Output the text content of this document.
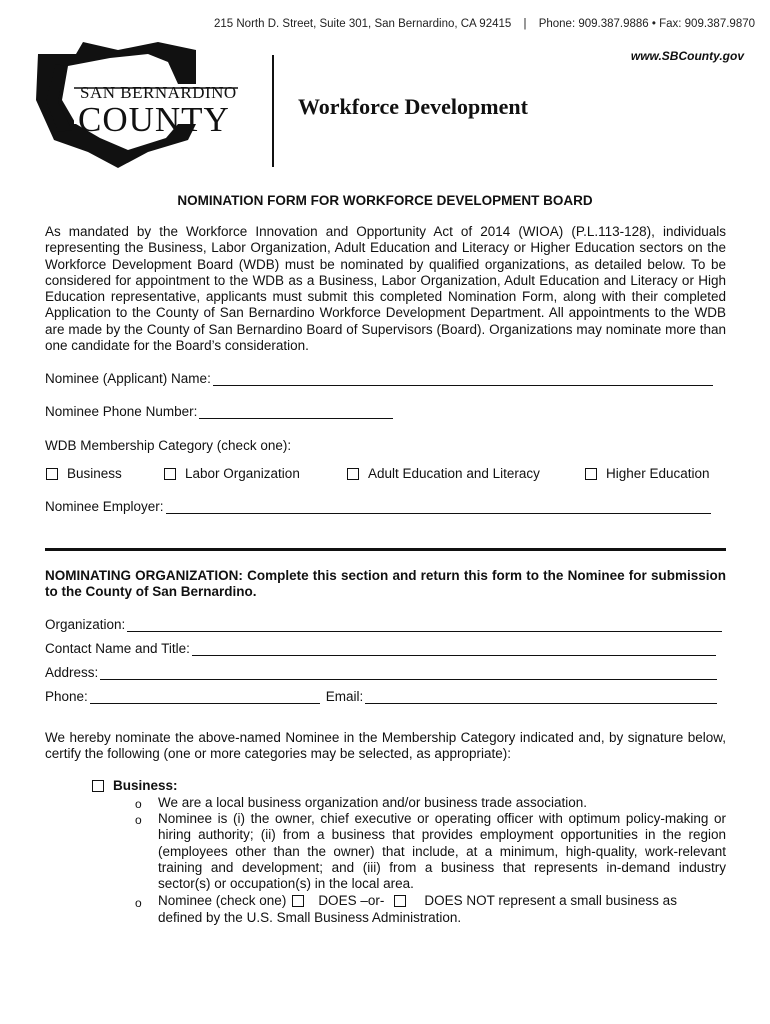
215 North D. Street, Suite 301, San Bernardino, CA 92415 | Phone: 909.387.9886 • Fax: 909.387.9870
www.SBCounty.gov
SAN BERNARDINO
COUNTY	Workforce Development
NOMINATION FORM FOR WORKFORCE DEVELOPMENT BOARD
As mandated by the Workforce Innovation and Opportunity Act of 2014 (WIOA) (P.L.113-128), individuals representing the Business, Labor Organization, Adult Education and Literacy or Higher Education sectors on the Workforce Development Board (WDB) must be nominated by qualified organizations, as detailed below. To be considered for appointment to the WDB as a Business, Labor Organization, Adult Education and Literacy or High Education representative, applicants must submit this completed Nomination Form, along with their completed Application to the County of San Bernardino Workforce Development Department. All appointments to the WDB are made by the County of San Bernardino Board of Supervisors (Board). Organizations may nominate more than one candidate for the Board’s consideration.
Nominee (Applicant) Name:
Nominee Phone Number:
WDB Membership Category (check one):
Business	Labor Organization	Adult Education and Literacy	Higher Education
Nominee Employer:
NOMINATING ORGANIZATION: Complete this section and return this form to the Nominee for submission to the County of San Bernardino.
Organization:
Contact Name and Title:
Address:
Phone:	Email:
We hereby nominate the above-named Nominee in the Membership Category indicated and, by signature below, certify the following (one or more categories may be selected, as appropriate):
Business:
o We are a local business organization and/or business trade association.
o Nominee is (i) the owner, chief executive or operating officer with optimum policy-making or hiring authority; (ii) from a business that provides employment opportunities in the region (employees other than the owner) that include, at a minimum, high-quality, work-relevant training and development; and (iii) from a business that represents in-demand industry sector(s) or occupation(s) in the local area.
o Nominee (check one) DOES –or-	DOES NOT represent a small business as
defined by the U.S. Small Business Administration.
